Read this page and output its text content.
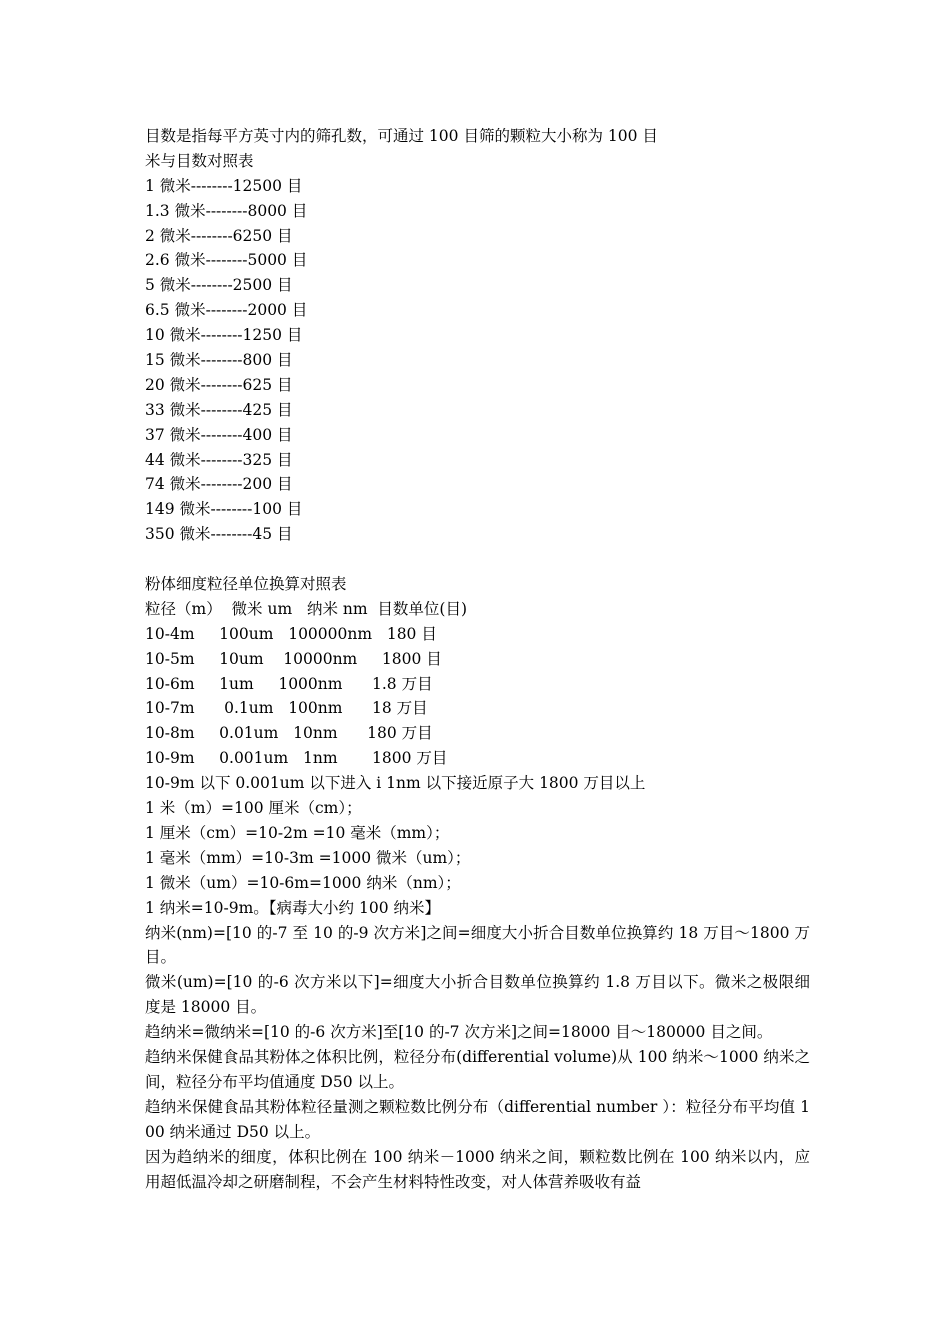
目数是指每平方英寸内的筛孔数，可通过 100 目筛的颗粒大小称为 100 目
米与目数对照表
1 微米--------12500 目
1.3 微米--------8000 目
2 微米--------6250 目
2.6 微米--------5000 目
5 微米--------2500 目
6.5 微米--------2000 目
10 微米--------1250 目
15 微米--------800 目
20 微米--------625 目
33 微米--------425 目
37 微米--------400 目
44 微米--------325 目
74 微米--------200 目
149 微米--------100 目
350 微米--------45 目
粉体细度粒径单位换算对照表
粒径（m）  微米 um   纳米 nm  目数单位(目)
10-4m     100um   100000nm   180 目
10-5m     10um    10000nm     1800 目
10-6m     1um     1000nm      1.8 万目
10-7m      0.1um   100nm      18 万目
10-8m     0.01um   10nm      180 万目
10-9m     0.001um   1nm       1800 万目
10-9m 以下 0.001um 以下进入 i 1nm 以下接近原子大 1800 万目以上
1 米（m）=100 厘米（cm）；
1 厘米（cm）=10-2m =10 毫米（mm）；
1 毫米（mm）=10-3m =1000 微米（um）；
1 微米（um）=10-6m=1000 纳米（nm）；
1 纳米=10-9m。【病毒大小约 100 纳米】
纳米(nm)=[10 的-7 至 10 的-9 次方米]之间=细度大小折合目数单位换算约 18 万目～1800 万目。
微米(um)=[10 的-6 次方米以下]=细度大小折合目数单位换算约 1.8 万目以下。微米之极限细度是 18000 目。
趋纳米=微纳米=[10 的-6 次方米]至[10 的-7 次方米]之间=18000 目～180000 目之间。
趋纳米保健食品其粉体之体积比例，粒径分布(differential volume)从 100 纳米～1000 纳米之间，粒径分布平均值通度 D50 以上。
趋纳米保健食品其粉体粒径量测之颗粒数比例分布（differential number ）：粒径分布平均值 100 纳米通过 D50 以上。
因为趋纳米的细度，体积比例在 100 纳米－1000 纳米之间，颗粒数比例在 100 纳米以内，应用超低温冷却之研磨制程，不会产生材料特性改变，对人体营养吸收有益
